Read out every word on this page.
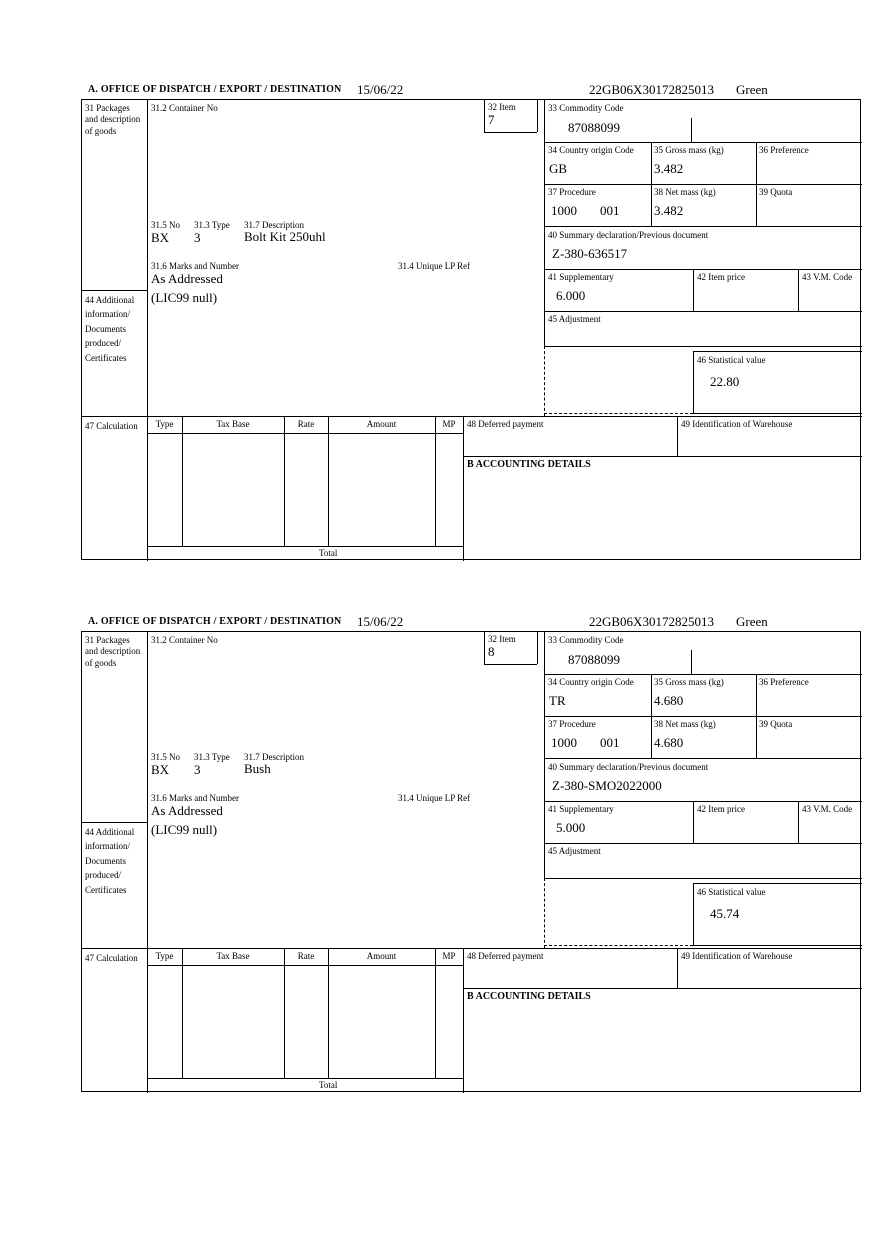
A. OFFICE OF DISPATCH / EXPORT / DESTINATION 15/06/22	22GB06X30172825013 Green
31 Packages and description of goods
44 Additional information/ Documents produced/ Certificates
47 Calculation
31.2 Container No	32 Item
7
31.5 No 31.3 Type 31.7 Description
BX 3	Bolt Kit 250uhl
31.6 Marks and Number	31.4 Unique LP Ref
As Addressed
(LIC99 null)
33 Commodity Code
87088099
34 Country origin Code
GB
35 Gross mass (kg)
3.482
36 Preference
37 Procedure
1000 001
38 Net mass (kg)
3.482
39 Quota
40 Summary declaration/Previous document
Z-380-636517
41 Supplementary
6.000
42 Item price	43 V.M. Code
45 Adjustment
46 Statistical value
22.80
Type	Tax Base	Rate	Amount	MP
Total
48 Deferred payment	49 Identification of Warehouse
B ACCOUNTING DETAILS
A. OFFICE OF DISPATCH / EXPORT / DESTINATION 15/06/22	22GB06X30172825013 Green
31 Packages and description of goods
44 Additional information/ Documents produced/ Certificates
47 Calculation
31.2 Container No	32 Item
8
31.5 No 31.3 Type 31.7 Description
BX 3	Bush
31.6 Marks and Number	31.4 Unique LP Ref
As Addressed
(LIC99 null)
33 Commodity Code
87088099
34 Country origin Code
TR
35 Gross mass (kg)
4.680
36 Preference
37 Procedure
1000 001
38 Net mass (kg)
4.680
39 Quota
40 Summary declaration/Previous document
Z-380-SMO2022000
41 Supplementary
5.000
42 Item price	43 V.M. Code
45 Adjustment
46 Statistical value
45.74
Type	Tax Base	Rate	Amount	MP
Total
48 Deferred payment	49 Identification of Warehouse
B ACCOUNTING DETAILS
